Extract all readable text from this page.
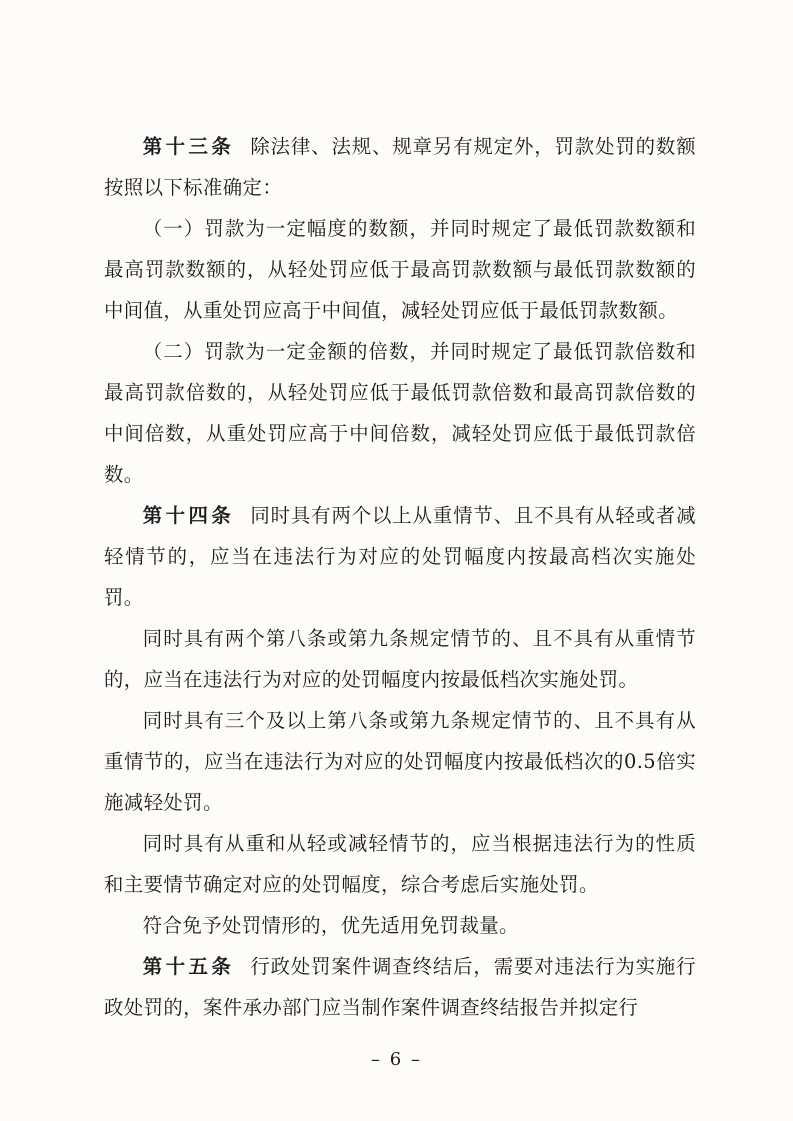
第十三条 除法律、法规、规章另有规定外，罚款处罚的数额按照以下标准确定：

（一）罚款为一定幅度的数额，并同时规定了最低罚款数额和最高罚款数额的，从轻处罚应低于最高罚款数额与最低罚款数额的中间值，从重处罚应高于中间值，减轻处罚应低于最低罚款数额。

（二）罚款为一定金额的倍数，并同时规定了最低罚款倍数和最高罚款倍数的，从轻处罚应低于最低罚款倍数和最高罚款倍数的中间倍数，从重处罚应高于中间倍数，减轻处罚应低于最低罚款倍数。

第十四条 同时具有两个以上从重情节、且不具有从轻或者减轻情节的，应当在违法行为对应的处罚幅度内按最高档次实施处罚。

同时具有两个第八条或第九条规定情节的、且不具有从重情节的，应当在违法行为对应的处罚幅度内按最低档次实施处罚。

同时具有三个及以上第八条或第九条规定情节的、且不具有从重情节的，应当在违法行为对应的处罚幅度内按最低档次的0.5倍实施减轻处罚。

同时具有从重和从轻或减轻情节的，应当根据违法行为的性质和主要情节确定对应的处罚幅度，综合考虑后实施处罚。

符合免予处罚情形的，优先适用免罚裁量。

第十五条 行政处罚案件调查终结后，需要对违法行为实施行政处罚的，案件承办部门应当制作案件调查终结报告并拟定行

– 6 –
